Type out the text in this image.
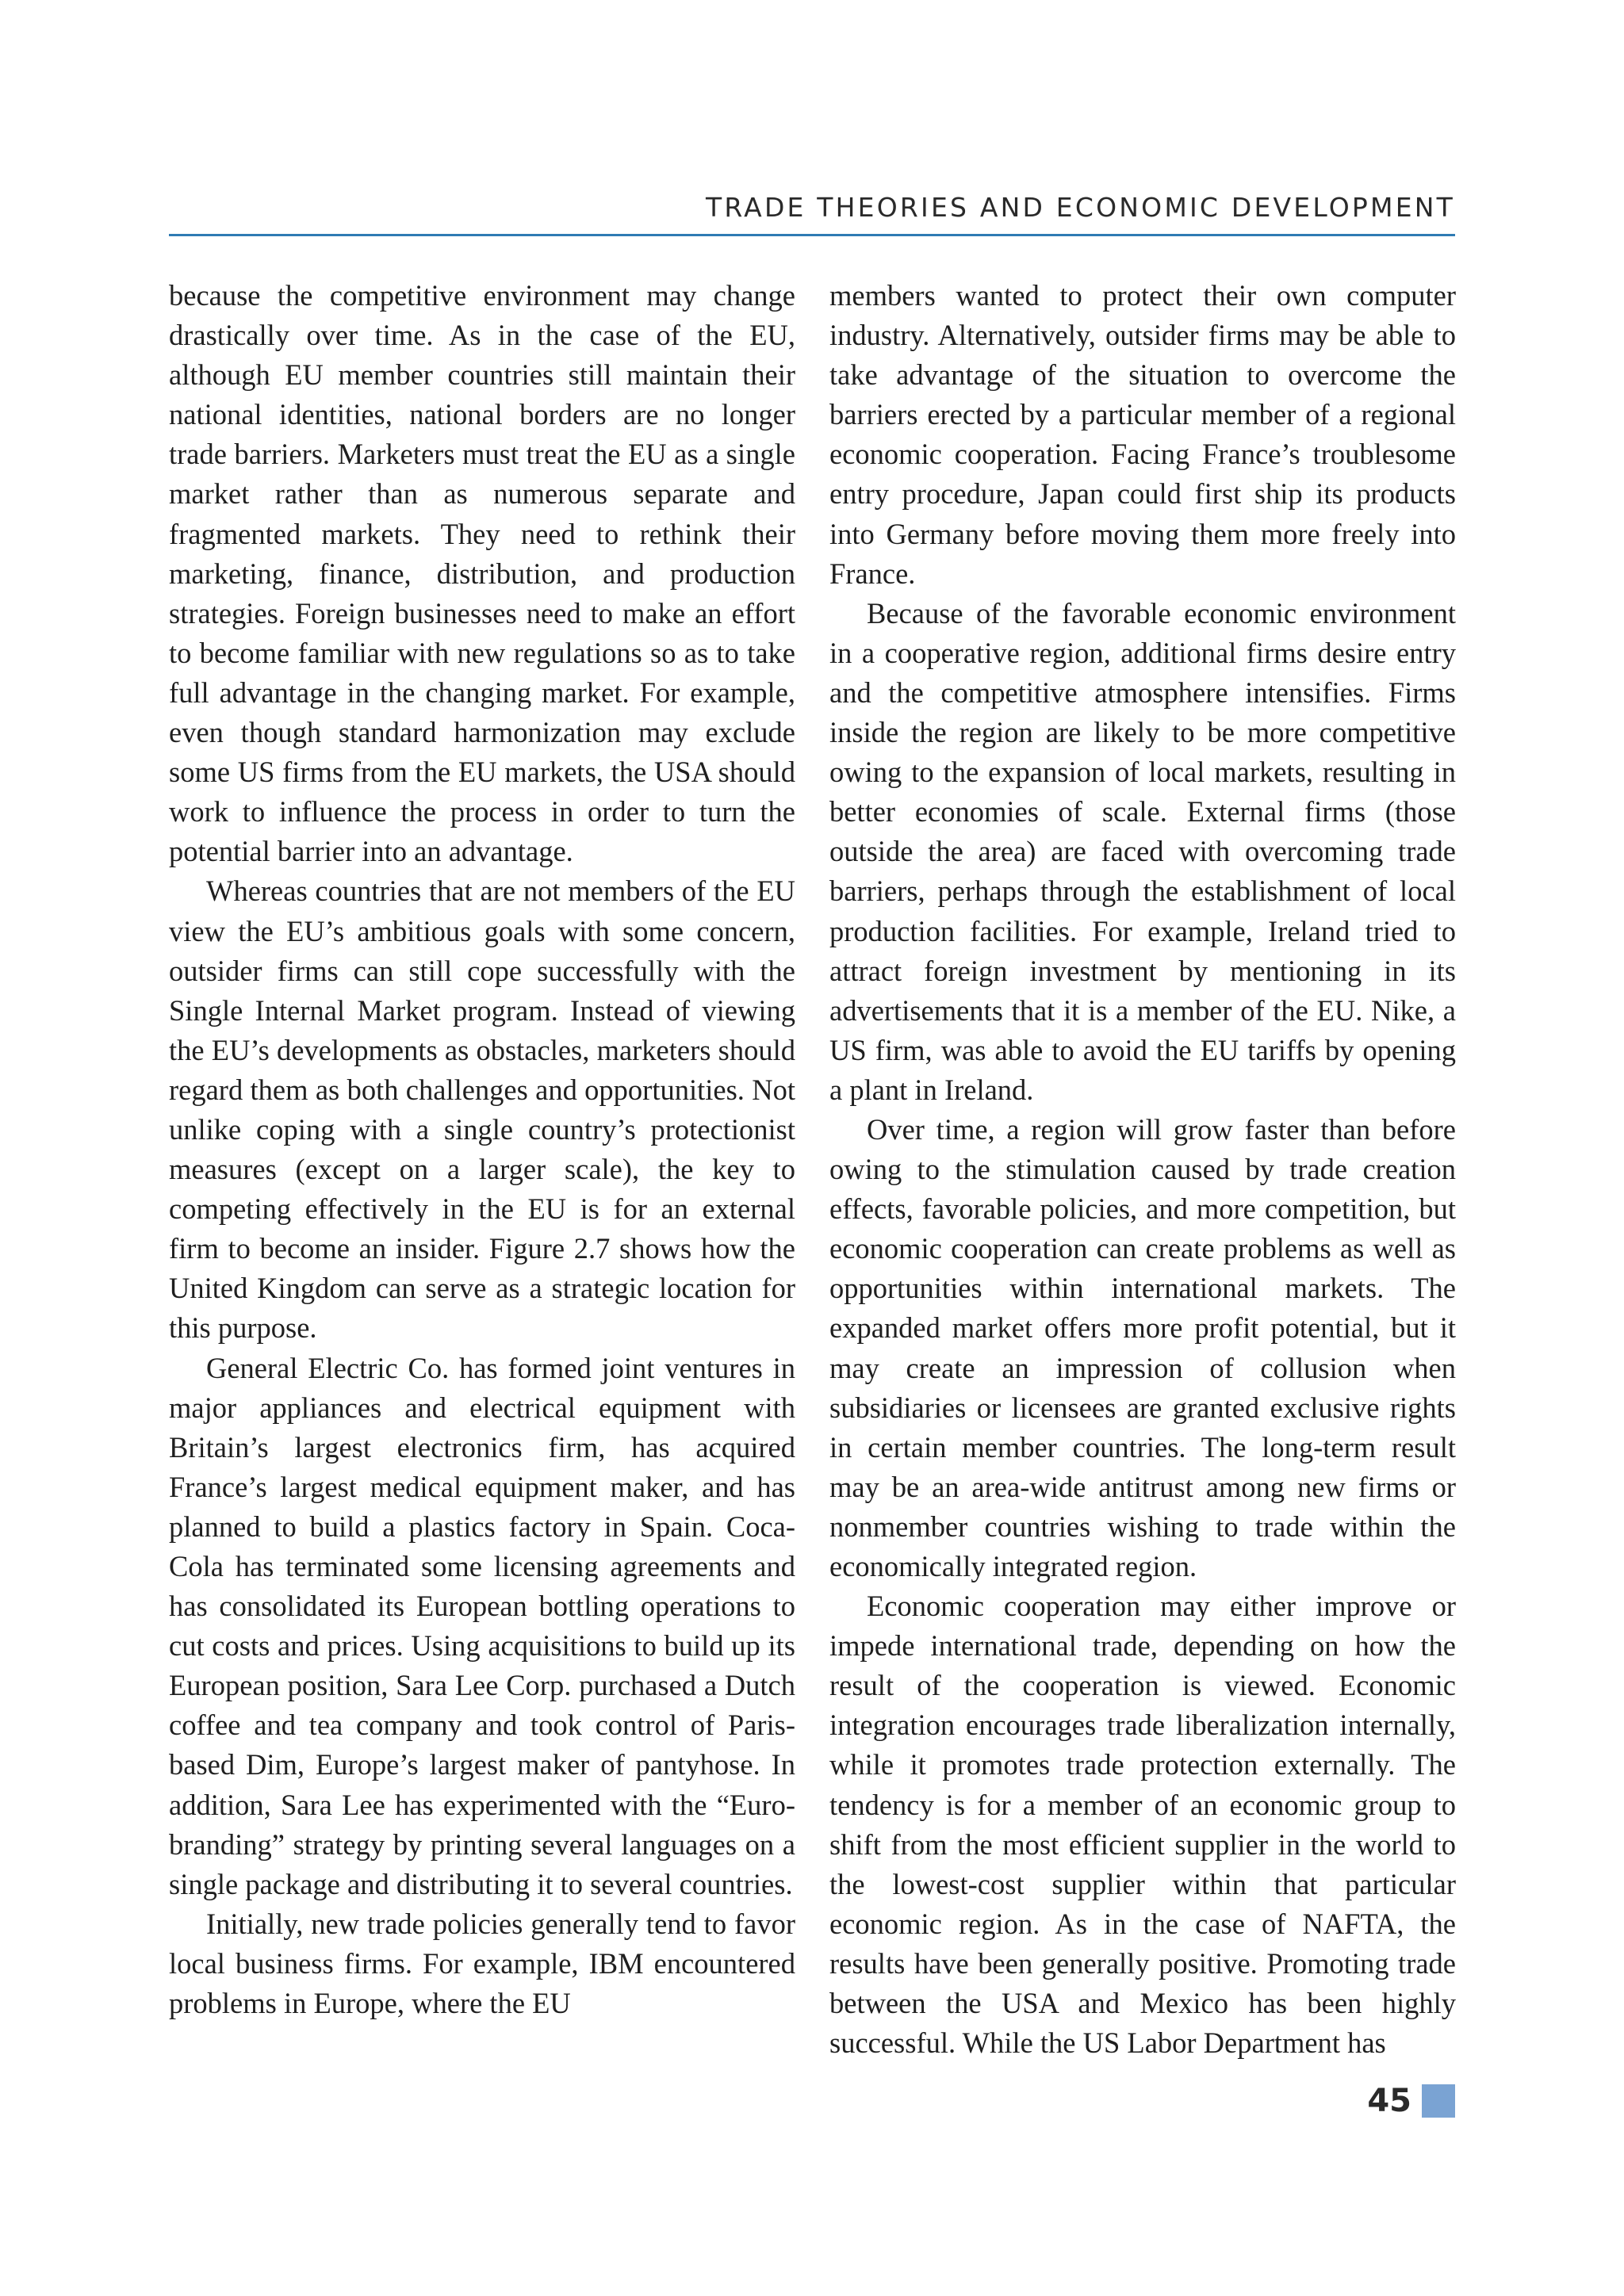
TRADE THEORIES AND ECONOMIC DEVELOPMENT

because the competitive environment may change drastically over time. As in the case of the EU, although EU member countries still maintain their national identities, national borders are no longer trade barriers. Marketers must treat the EU as a single market rather than as numerous separate and fragmented markets. They need to rethink their marketing, finance, distribution, and production strategies. Foreign businesses need to make an effort to become familiar with new regulations so as to take full advantage in the changing market. For example, even though standard harmonization may exclude some US firms from the EU markets, the USA should work to influence the process in order to turn the potential barrier into an advantage.

Whereas countries that are not members of the EU view the EU’s ambitious goals with some concern, outsider firms can still cope successfully with the Single Internal Market program. Instead of viewing the EU’s developments as obstacles, marketers should regard them as both challenges and opportunities. Not unlike coping with a single country’s protectionist measures (except on a larger scale), the key to competing effectively in the EU is for an external firm to become an insider. Figure 2.7 shows how the United Kingdom can serve as a strategic location for this purpose.

General Electric Co. has formed joint ventures in major appliances and electrical equipment with Britain’s largest electronics firm, has acquired France’s largest medical equipment maker, and has planned to build a plastics factory in Spain. Coca-Cola has terminated some licensing agreements and has consolidated its European bottling operations to cut costs and prices. Using acquisitions to build up its European position, Sara Lee Corp. purchased a Dutch coffee and tea company and took control of Paris-based Dim, Europe’s largest maker of pantyhose. In addition, Sara Lee has experimented with the “Euro-branding” strategy by printing several languages on a single package and distributing it to several countries.

Initially, new trade policies generally tend to favor local business firms. For example, IBM encountered problems in Europe, where the EU

members wanted to protect their own computer industry. Alternatively, outsider firms may be able to take advantage of the situation to overcome the barriers erected by a particular member of a regional economic cooperation. Facing France’s troublesome entry procedure, Japan could first ship its products into Germany before moving them more freely into France.

Because of the favorable economic environment in a cooperative region, additional firms desire entry and the competitive atmosphere intensifies. Firms inside the region are likely to be more competitive owing to the expansion of local markets, resulting in better economies of scale. External firms (those outside the area) are faced with overcoming trade barriers, perhaps through the establishment of local production facilities. For example, Ireland tried to attract foreign investment by mentioning in its advertisements that it is a member of the EU. Nike, a US firm, was able to avoid the EU tariffs by opening a plant in Ireland.

Over time, a region will grow faster than before owing to the stimulation caused by trade creation effects, favorable policies, and more competition, but economic cooperation can create problems as well as opportunities within international markets. The expanded market offers more profit potential, but it may create an impression of collusion when subsidiaries or licensees are granted exclusive rights in certain member countries. The long-term result may be an area-wide antitrust among new firms or nonmember countries wishing to trade within the economically integrated region.

Economic cooperation may either improve or impede international trade, depending on how the result of the cooperation is viewed. Economic integration encourages trade liberalization internally, while it promotes trade protection externally. The tendency is for a member of an economic group to shift from the most efficient supplier in the world to the lowest-cost supplier within that particular economic region. As in the case of NAFTA, the results have been generally positive. Promoting trade between the USA and Mexico has been highly successful. While the US Labor Department has

45
